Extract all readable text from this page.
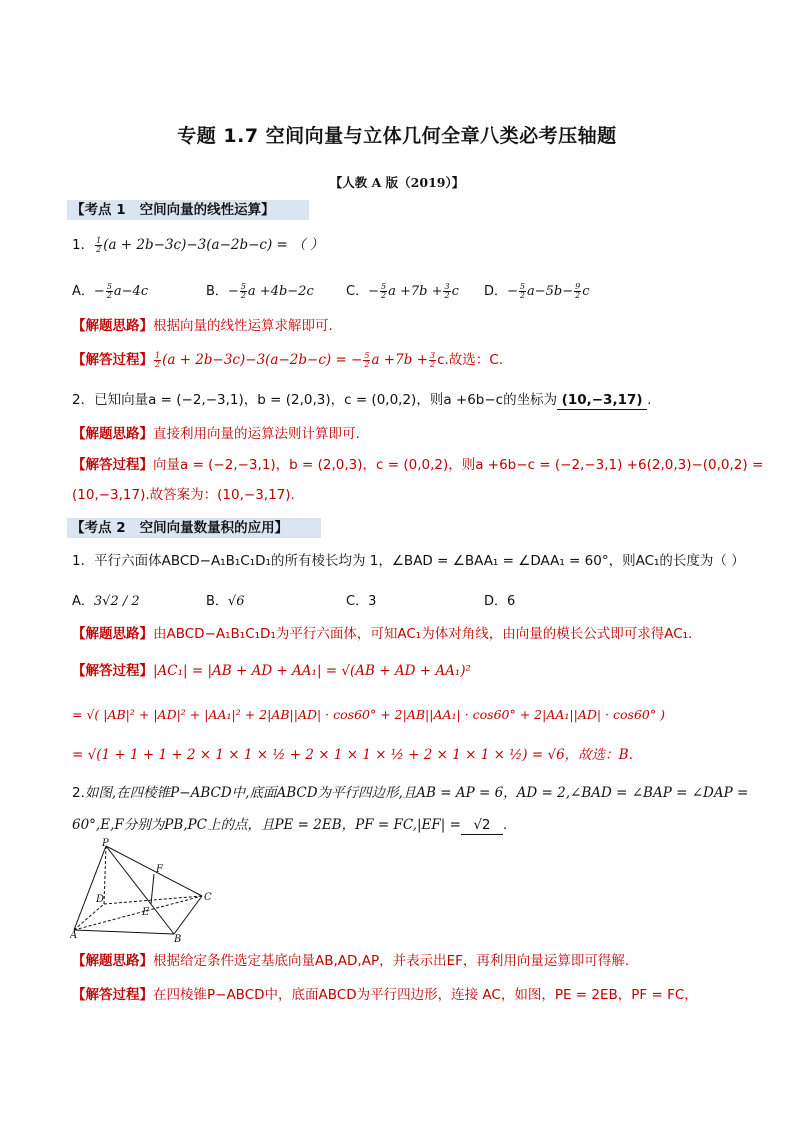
专题 1.7 空间向量与立体几何全章八类必考压轴题
【人教 A 版（2019）】
【考点 1 空间向量的线性运算】
1． $\frac{1}{2} (a + 2b-3c)-3(a-2b-c)$ = （ ）
A．− $\frac{5}{2} a-4c$	B．− $\frac{5}{2}$ a +4b−2c C．− $\frac{5}{2}$ $a +7b + \frac{3}{2}$ c D．− $\frac{5}{2} a-5b- \frac{9}{2}$ c
【解题思路】根据向量的线性运算求解即可.
【解答过程】 $\frac{1}{2} (a + 2b-3c)-3(a-2b-c)$ = − $\frac{5}{2}$ $a +7b + \frac{3}{2} c$.故选：C.
2．已知向量a = (−2,−3,1)，b = (2,0,3)，c = (0,0,2)，则a +6b−c的坐标为 (10,−3,17) .
【解题思路】直接利用向量的运算法则计算即可.
【解答过程】向量a = (−2,−3,1)，b = (2,0,3)，c = (0,0,2)，则a +6b−c = (−2,−3,1) +6(2,0,3)−(0,0,2) =
(10,−3,17).故答案为：(10,−3,17).
【考点 2 空间向量数量积的应用】
1．平行六面体ABCD−A₁B₁C₁D₁的所有棱长均为 1，∠BAD = ∠BAA₁ = ∠DAA₁ = 60°，则AC₁的长度为（ ）
A．3√2 / 2	B．√6	C．3	D．6
【解题思路】由ABCD−A₁B₁C₁D₁为平行六面体，可知AC₁为体对角线，由向量的模长公式即可求得AC₁.
【解答过程】|AC₁| = |AB + AD + AA₁| = √(AB + AD + AA₁)²
= √( |AB|² + |AD|² + |AA₁|² + 2|AB||AD| · cos60° + 2|AB||AA₁| · cos60° + 2|AA₁||AD| · cos60° )
= √(1 + 1 + 1 + 2 × 1 × 1 × ½ + 2 × 1 × 1 × ½ + 2 × 1 × 1 × ½) = √6，故选：B.
2.如图,在四棱锥P−ABCD中,底面ABCD为平行四边形,且AB = AP = 6，AD = 2,∠BAD = ∠BAP = ∠DAP =
60°,E,F分别为PB,PC上的点，且PE = 2EB，PF = FC,|EF| = √2 .
P
F
D
E
C
A	B
【解题思路】根据给定条件选定基底向量AB,AD,AP，并表示出EF，再利用向量运算即可得解.
【解答过程】在四棱锥P−ABCD中，底面ABCD为平行四边形，连接 AC，如图，PE = 2EB，PF = FC，
